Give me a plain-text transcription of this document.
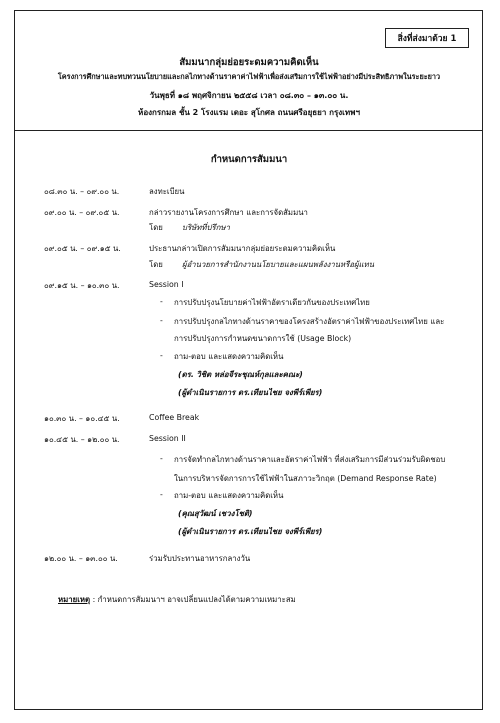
สิ่งที่ส่งมาด้วย 1
สัมมนากลุ่มย่อยระดมความคิดเห็น
โครงการศึกษาและทบทวนนโยบายและกลไกทางด้านราคาค่าไฟฟ้าเพื่อส่งเสริมการใช้ไฟฟ้าอย่างมีประสิทธิภาพในระยะยาว
วันพุธที่ ๑๘ พฤศจิกายน ๒๕๕๘ เวลา ๐๘.๓๐ – ๑๓.๐๐ น.
ห้องกรกมล ชั้น 2 โรงแรม เดอะ สุโกศล ถนนศรีอยุธยา กรุงเทพฯ
กำหนดการสัมมนา
๐๘.๓๐ น. – ๐๙.๐๐ น.	ลงทะเบียน
๐๙.๐๐ น. – ๐๙.๐๕ น.	กล่าวรายงานโครงการศึกษา และการจัดสัมมนา
โดย บริษัทที่ปรึกษา
๐๙.๐๕ น. – ๐๙.๑๕ น.	ประธานกล่าวเปิดการสัมมนากลุ่มย่อยระดมความคิดเห็น
โดย ผู้อำนวยการสำนักงานนโยบายและแผนพลังงานหรือผู้แทน
๐๙.๑๕ น. – ๑๐.๓๐ น.	Session I
- การปรับปรุงนโยบายค่าไฟฟ้าอัตราเดียวกันของประเทศไทย
- การปรับปรุงกลไกทางด้านราคาของโครงสร้างอัตราค่าไฟฟ้าของประเทศไทย และ
การปรับปรุงการกำหนดขนาดการใช้ (Usage Block)
- ถาม-ตอบ และแสดงความคิดเห็น
(ดร. วิชิต หล่อจีระชุณห์กุลและคณะ)
(ผู้ดำเนินรายการ ดร.เทียนไชย จงพีร์เพียร)
๑๐.๓๐ น. – ๑๐.๔๕ น.	Coffee Break
๑๐.๔๕ น. – ๑๒.๐๐ น.	Session II
- การจัดทำกลไกทางด้านราคาและอัตราค่าไฟฟ้า ที่ส่งเสริมการมีส่วนร่วมรับผิดชอบ
ในการบริหารจัดการการใช้ไฟฟ้าในสภาวะวิกฤต (Demand Response Rate)
- ถาม-ตอบ และแสดงความคิดเห็น
(คุณสุวัฒน์ เชวงโชติ)
(ผู้ดำเนินรายการ ดร.เทียนไชย จงพีร์เพียร)
๑๒.๐๐ น. – ๑๓.๐๐ น.	ร่วมรับประทานอาหารกลางวัน
หมายเหตุ : กำหนดการสัมมนาฯ อาจเปลี่ยนแปลงได้ตามความเหมาะสม
